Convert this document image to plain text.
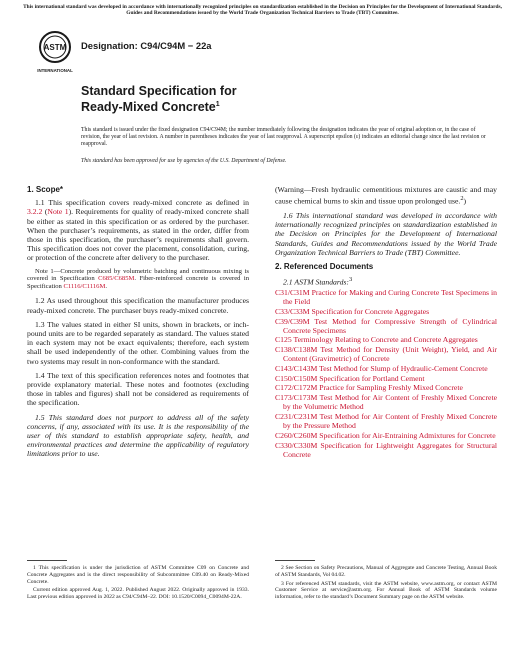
This international standard was developed in accordance with internationally recognized principles on standardization established in the Decision on Principles for the Development of International Standards, Guides and Recommendations issued by the World Trade Organization Technical Barriers to Trade (TBT) Committee.
ASTM
INTERNATIONAL
Designation: C94/C94M − 22a
Standard Specification for
Ready-Mixed Concrete$^1$
This standard is issued under the fixed designation C94/C94M; the number immediately following the designation indicates the year of original adoption or, in the case of revision, the year of last revision. A number in parentheses indicates the year of last reapproval. A superscript epsilon (ε) indicates an editorial change since the last revision or reapproval.
This standard has been approved for use by agencies of the U.S. Department of Defense.
1. Scope*

1.1 This specification covers ready-mixed concrete as defined in 3.2.2 (Note 1). Requirements for quality of ready-mixed concrete shall be either as stated in this specification or as ordered by the purchaser. When the purchaser’s requirements, as stated in the order, differ from those in this specification, the purchaser’s requirements shall govern. This specification does not cover the placement, consolidation, curing, or protection of the concrete after delivery to the purchaser.

Note 1—Concrete produced by volumetric batching and continuous mixing is covered in Specification C685/C685M. Fiber-reinforced concrete is covered in Specification C1116/C1116M.

1.2 As used throughout this specification the manufacturer produces ready-mixed concrete. The purchaser buys ready-mixed concrete.

1.3 The values stated in either SI units, shown in brackets, or inch-pound units are to be regarded separately as standard. The values stated in each system may not be exact equivalents; therefore, each system shall be used independently of the other. Combining values from the two systems may result in non-conformance with the standard.

1.4 The text of this specification references notes and footnotes that provide explanatory material. These notes and footnotes (excluding those in tables and figures) shall not be considered as requirements of the specification.

1.5 This standard does not purport to address all of the safety concerns, if any, associated with its use. It is the responsibility of the user of this standard to establish appropriate safety, health, and environmental practices and determine the applicability of regulatory limitations prior to use.

(Warning—Fresh hydraulic cementitious mixtures are caustic and may cause chemical burns to skin and tissue upon prolonged use.$^2$)

1.6 This international standard was developed in accordance with internationally recognized principles on standardization established in the Decision on Principles for the Development of International Standards, Guides and Recommendations issued by the World Trade Organization Technical Barriers to Trade (TBT) Committee.

2. Referenced Documents

2.1 ASTM Standards:$^3$

C31/C31M Practice for Making and Curing Concrete Test Specimens in the Field
C33/C33M Specification for Concrete Aggregates
C39/C39M Test Method for Compressive Strength of Cylindrical Concrete Specimens
C125 Terminology Relating to Concrete and Concrete Aggregates
C138/C138M Test Method for Density (Unit Weight), Yield, and Air Content (Gravimetric) of Concrete
C143/C143M Test Method for Slump of Hydraulic-Cement Concrete
C150/C150M Specification for Portland Cement
C172/C172M Practice for Sampling Freshly Mixed Concrete
C173/C173M Test Method for Air Content of Freshly Mixed Concrete by the Volumetric Method
C231/C231M Test Method for Air Content of Freshly Mixed Concrete by the Pressure Method
C260/C260M Specification for Air-Entraining Admixtures for Concrete
C330/C330M Specification for Lightweight Aggregates for Structural Concrete

1 This specification is under the jurisdiction of ASTM Committee C09 on Concrete and Concrete Aggregates and is the direct responsibility of Subcommittee C09.40 on Ready-Mixed Concrete.

Current edition approved Aug. 1, 2022. Published August 2022. Originally approved in 1933. Last previous edition approved in 2022 as C94/C94M–22. DOI: 10.1520/C0094_C0094M-22A.

2 See Section on Safety Precautions, Manual of Aggregate and Concrete Testing, Annual Book of ASTM Standards, Vol 04.02.

3 For referenced ASTM standards, visit the ASTM website, www.astm.org, or contact ASTM Customer Service at service@astm.org. For Annual Book of ASTM Standards volume information, refer to the standard’s Document Summary page on the ASTM website.
